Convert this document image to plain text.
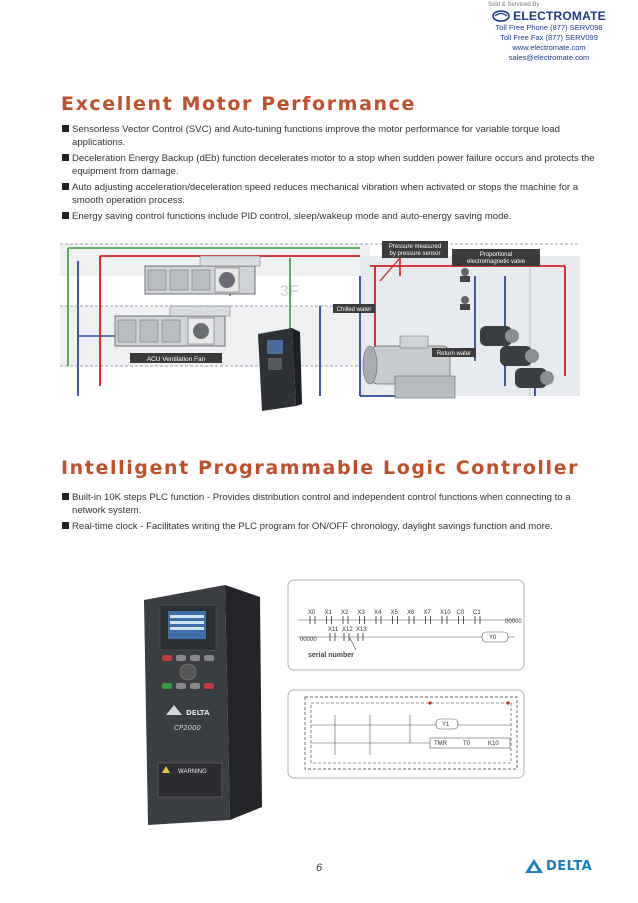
Sold & Serviced By
ELECTROMATE
Toll Free Phone (877) SERV098
Toll Free Fax (877) SERV099
www.electromate.com
sales@electromate.com
Excellent Motor Performance
Sensorless Vector Control (SVC) and Auto-tuning functions improve the motor performance for variable torque load applications.
Deceleration Energy Backup (dEb) function decelerates motor to a stop when sudden power failure occurs and protects the equipment from damage.
Auto adjusting acceleration/deceleration speed reduces mechanical vibration when activated or stops the machine for a smooth operation process.
Energy saving control functions include PID control, sleep/wakeup mode and auto-energy saving mode.
3F
ACU Ventilation Fan
Pressure measured
by pressure sensor	Proportional
electromagnetic valve
Chilled water
Return water
Intelligent Programmable Logic Controller
Built-in 10K steps PLC function - Provides distribution control and independent control functions when connecting to a network system.
Real-time clock - Facilitates writing the PLC program for ON/OFF chronology, daylight savings function and more.
DELTA
CP2000
WARNING
X0 X1 X2 X3 X4 X5 X6 X7 X10 C0 C1
X11 X12 X13
00000
Y0
00000
serial number
Y1
TMR	T0	K10
6	DELTA
